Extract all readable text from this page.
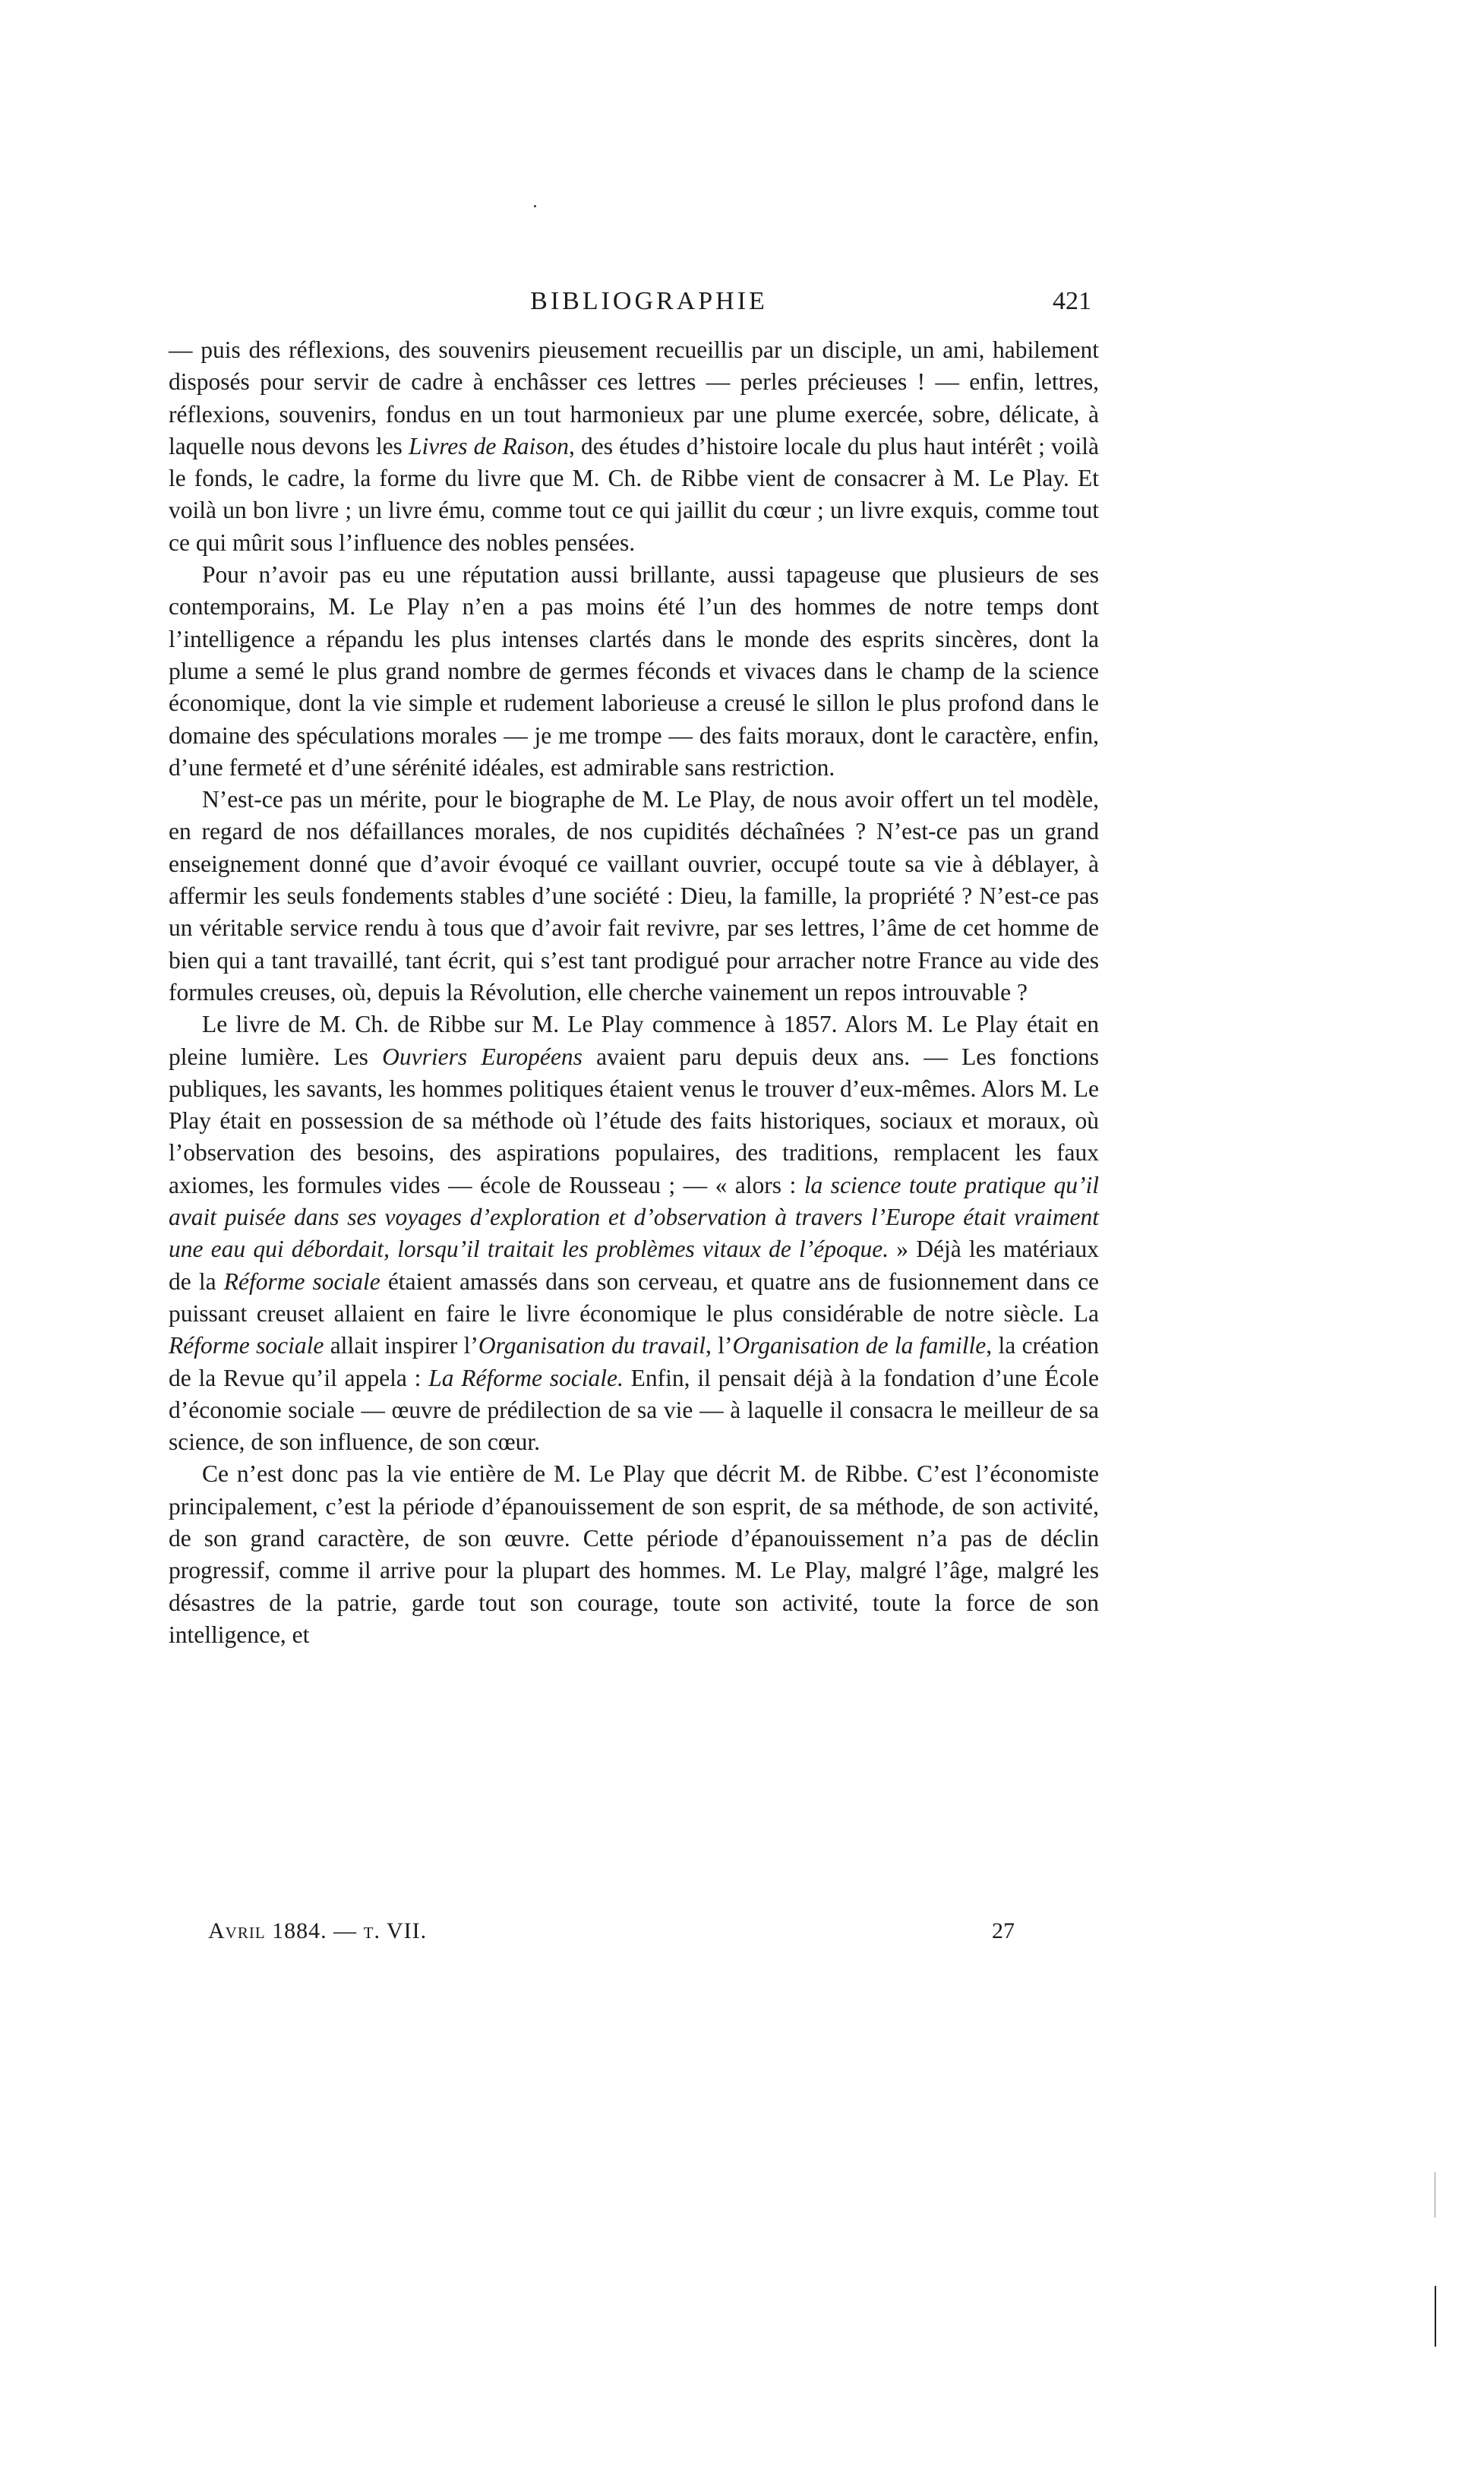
BIBLIOGRAPHIE	421

— puis des réflexions, des souvenirs pieusement recueillis par un disciple, un ami, habilement disposés pour servir de cadre à enchâsser ces lettres — perles précieuses ! — enfin, lettres, réflexions, souvenirs, fondus en un tout harmonieux par une plume exercée, sobre, délicate, à laquelle nous devons les Livres de Raison, des études d’histoire locale du plus haut intérêt ; voilà le fonds, le cadre, la forme du livre que M. Ch. de Ribbe vient de consacrer à M. Le Play. Et voilà un bon livre ; un livre ému, comme tout ce qui jaillit du cœur ; un livre exquis, comme tout ce qui mûrit sous l’influence des nobles pensées.

Pour n’avoir pas eu une réputation aussi brillante, aussi tapageuse que plusieurs de ses contemporains, M. Le Play n’en a pas moins été l’un des hommes de notre temps dont l’intelligence a répandu les plus intenses clartés dans le monde des esprits sincères, dont la plume a semé le plus grand nombre de germes féconds et vivaces dans le champ de la science économique, dont la vie simple et rudement laborieuse a creusé le sillon le plus profond dans le domaine des spéculations morales — je me trompe — des faits moraux, dont le caractère, enfin, d’une fermeté et d’une sérénité idéales, est admirable sans restriction.

N’est-ce pas un mérite, pour le biographe de M. Le Play, de nous avoir offert un tel modèle, en regard de nos défaillances morales, de nos cupidités déchaînées ? N’est-ce pas un grand enseignement donné que d’avoir évoqué ce vaillant ouvrier, occupé toute sa vie à déblayer, à affermir les seuls fondements stables d’une société : Dieu, la famille, la propriété ? N’est-ce pas un véritable service rendu à tous que d’avoir fait revivre, par ses lettres, l’âme de cet homme de bien qui a tant travaillé, tant écrit, qui s’est tant prodigué pour arracher notre France au vide des formules creuses, où, depuis la Révolution, elle cherche vainement un repos introuvable ?

Le livre de M. Ch. de Ribbe sur M. Le Play commence à 1857. Alors M. Le Play était en pleine lumière. Les Ouvriers Européens avaient paru depuis deux ans. — Les fonctions publiques, les savants, les hommes politiques étaient venus le trouver d’eux-mêmes. Alors M. Le Play était en possession de sa méthode où l’étude des faits historiques, sociaux et moraux, où l’observation des besoins, des aspirations populaires, des traditions, remplacent les faux axiomes, les formules vides — école de Rousseau ; — « alors : la science toute pratique qu’il avait puisée dans ses voyages d’exploration et d’observation à travers l’Europe était vraiment une eau qui débordait, lorsqu’il traitait les problèmes vitaux de l’époque. » Déjà les matériaux de la Réforme sociale étaient amassés dans son cerveau, et quatre ans de fusionnement dans ce puissant creuset allaient en faire le livre économique le plus considérable de notre siècle. La Réforme sociale allait inspirer l’Organisation du travail, l’Organisation de la famille, la création de la Revue qu’il appela : La Réforme sociale. Enfin, il pensait déjà à la fondation d’une École d’économie sociale — œuvre de prédilection de sa vie — à laquelle il consacra le meilleur de sa science, de son influence, de son cœur.

Ce n’est donc pas la vie entière de M. Le Play que décrit M. de Ribbe. C’est l’économiste principalement, c’est la période d’épanouissement de son esprit, de sa méthode, de son activité, de son grand caractère, de son œuvre. Cette période d’épanouissement n’a pas de déclin progressif, comme il arrive pour la plupart des hommes. M. Le Play, malgré l’âge, malgré les désastres de la patrie, garde tout son courage, toute son activité, toute la force de son intelligence, et

Avril 1884. — t. VII.	27
